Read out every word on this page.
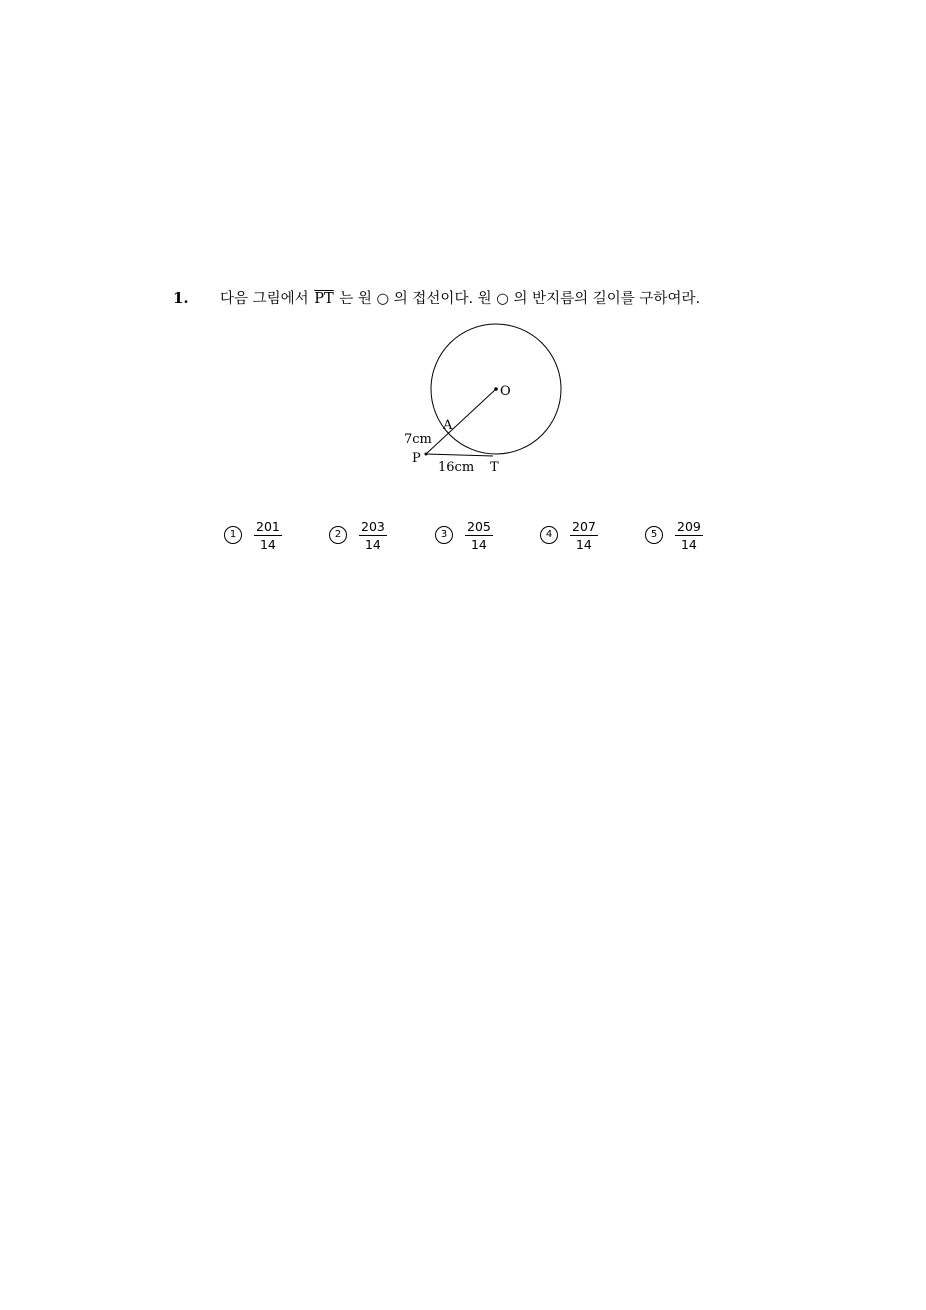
1. 다음 그림에서 $\overline{PT}$ 는 원 ○ 의 접선이다. 원 ○ 의 반지름의 길이를 구하여라.
O
A
7cm
P
16cm T
1	$\frac{201}{14}$	2	$\frac{203}{14}$	3	$\frac{205}{14}$	4	$\frac{207}{14}$	5	$\frac{209}{14}$
